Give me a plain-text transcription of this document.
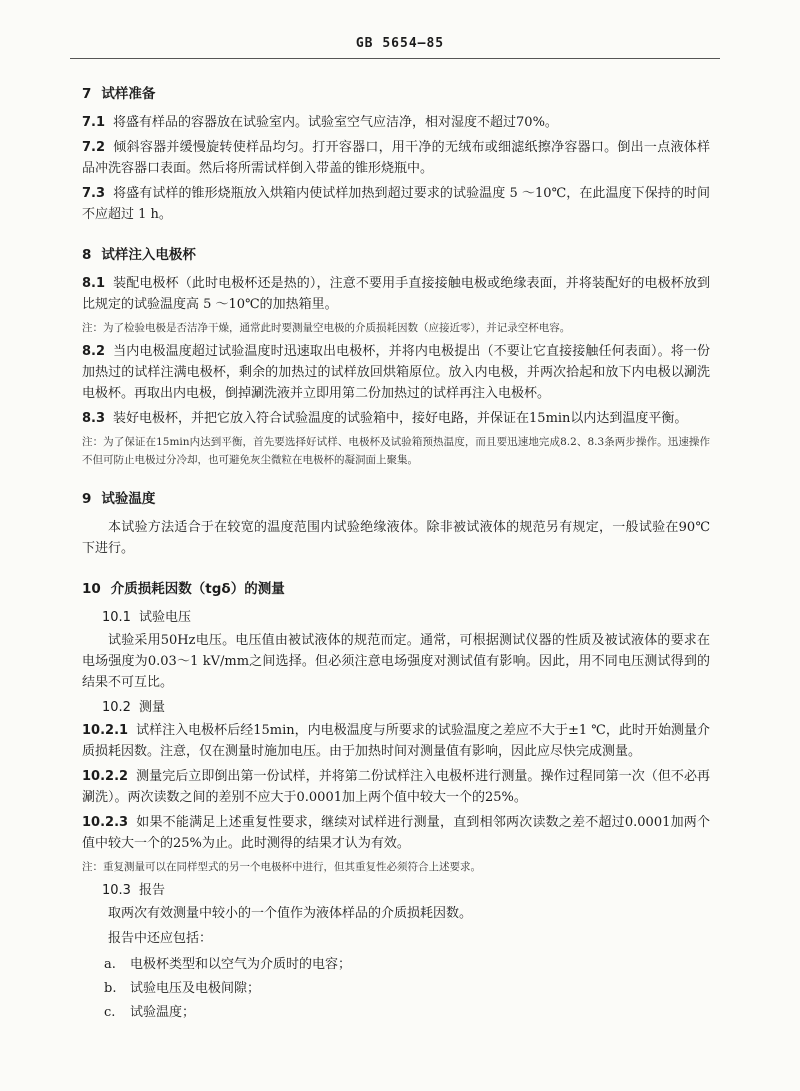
GB 5654—85
7 试样准备

7.1 将盛有样品的容器放在试验室内。试验室空气应洁净，相对湿度不超过70%。

7.2 倾斜容器并缓慢旋转使样品均匀。打开容器口，用干净的无绒布或细滤纸擦净容器口。倒出一点液体样品冲洗容器口表面。然后将所需试样倒入带盖的锥形烧瓶中。

7.3 将盛有试样的锥形烧瓶放入烘箱内使试样加热到超过要求的试验温度 5 ～10℃，在此温度下保持的时间不应超过 1 h。

8 试样注入电极杯

8.1 装配电极杯（此时电极杯还是热的），注意不要用手直接接触电极或绝缘表面，并将装配好的电极杯放到比规定的试验温度高 5 ～10℃的加热箱里。

注：为了检验电极是否洁净干燥，通常此时要测量空电极的介质损耗因数（应接近零），并记录空杯电容。

8.2 当内电极温度超过试验温度时迅速取出电极杯，并将内电极提出（不要让它直接接触任何表面）。将一份加热过的试样注满电极杯，剩余的加热过的试样放回烘箱原位。放入内电极，并两次拾起和放下内电极以涮洗电极杯。再取出内电极，倒掉涮洗液并立即用第二份加热过的试样再注入电极杯。

8.3 装好电极杯，并把它放入符合试验温度的试验箱中，接好电路，并保证在15min以内达到温度平衡。

注：为了保证在15min内达到平衡，首先要选择好试样、电极杯及试验箱预热温度，而且要迅速地完成8.2、8.3条两步操作。迅速操作不但可防止电极过分冷却，也可避免灰尘微粒在电极杯的凝洞面上聚集。

9 试验温度

本试验方法适合于在较宽的温度范围内试验绝缘液体。除非被试液体的规范另有规定，一般试验在90℃下进行。

10 介质损耗因数（tgδ）的测量
10.1 试验电压

试验采用50Hz电压。电压值由被试液体的规范而定。通常，可根据测试仪器的性质及被试液体的要求在电场强度为0.03～1 kV/mm之间选择。但必须注意电场强度对测试值有影响。因此，用不同电压测试得到的结果不可互比。

10.2 测量

10.2.1 试样注入电极杯后经15min，内电极温度与所要求的试验温度之差应不大于±1 ℃，此时开始测量介质损耗因数。注意，仅在测量时施加电压。由于加热时间对测量值有影响，因此应尽快完成测量。

10.2.2 测量完后立即倒出第一份试样，并将第二份试样注入电极杯进行测量。操作过程同第一次（但不必再涮洗）。两次读数之间的差别不应大于0.0001加上两个值中较大一个的25%。

10.2.3 如果不能满足上述重复性要求，继续对试样进行测量，直到相邻两次读数之差不超过0.0001加两个值中较大一个的25%为止。此时测得的结果才认为有效。

注：重复测量可以在同样型式的另一个电极杯中进行，但其重复性必须符合上述要求。

10.3 报告

取两次有效测量中较小的一个值作为液体样品的介质损耗因数。

报告中还应包括：

a. 电极杯类型和以空气为介质时的电容；
b. 试验电压及电极间隙；
c. 试验温度；
